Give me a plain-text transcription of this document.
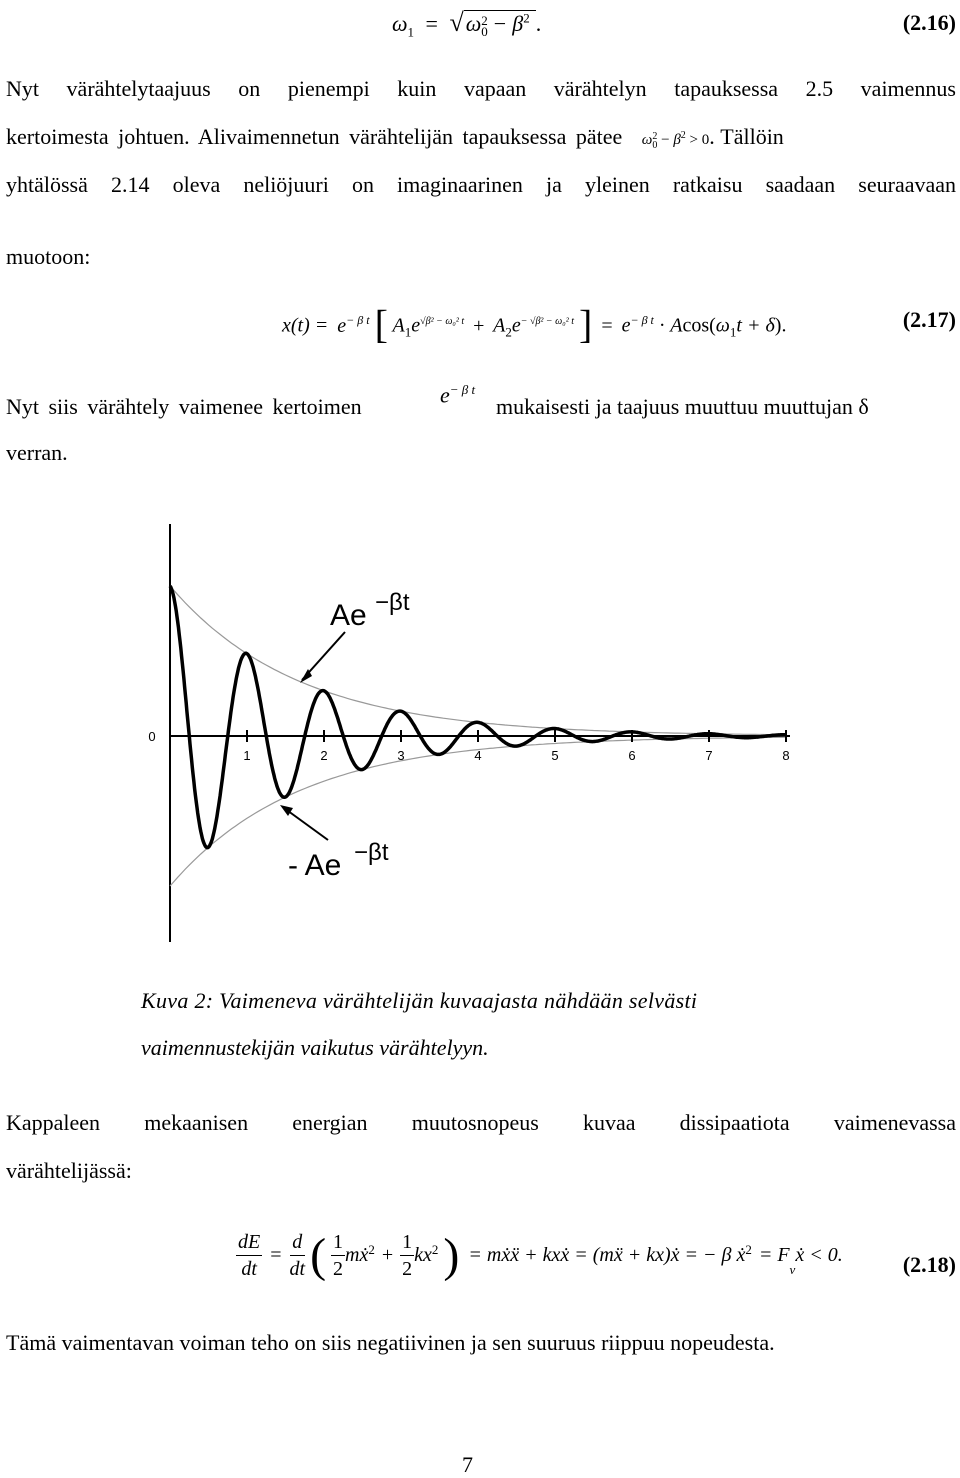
$\omega_1 = √\omega$ 2
$0 - \beta^2$ .	(2.16)
Nyt värähtelytaajuus on pienempi kuin vapaan värähtelyn tapauksessa 2.5 vaimennus
kertoimesta johtuen. Alivaimennetun värähtelijän tapauksessa pätee ω 2
$0 - \beta^2 > 0$. Tällöin
yhtälössä 2.14 oleva neliöjuuri on imaginaarinen ja yleinen ratkaisu saadaan seuraavaan
muotoon:
$x(t) = e^{- \beta t}$ [ $A_1e^{√\beta^2 - \omega_0^2 t} + A_2e^{- √\beta^2 - \omega_0^2 t}$ ] = $e^{- \beta t} \cdot Acos(\omega_1t + \delta)$.	(2.17)
Nyt siis värähtely vaimenee kertoimen	$e^{- \beta t}$
mukaisesti ja taajuus muuttuu muuttujan δ
verran.
0
1	2	3	4	5	6	7	8
Ae −βt
- Ae −βt
Kuva 2: Vaimeneva värähtelijän kuvaajasta nähdään selvästi
vaimennustekijän vaikutus värähtelyyn.
Kappaleen mekaanisen energian muutosnopeus kuvaa dissipaatiota vaimenevassa
värähtelijässä:
$\frac{dE}{dt} = \frac{d}{dt}$ ( $\frac{1}{2}$ mẋ$^2$ + $\frac{1}{2} kx^2$ ) = mẋẍ + kxẋ = (mẍ + kx)ẋ = − β ẋ$^2$ = $F_vẋ < 0$.	(2.18)
Tämä vaimentavan voiman teho on siis negatiivinen ja sen suuruus riippuu nopeudesta.
7
